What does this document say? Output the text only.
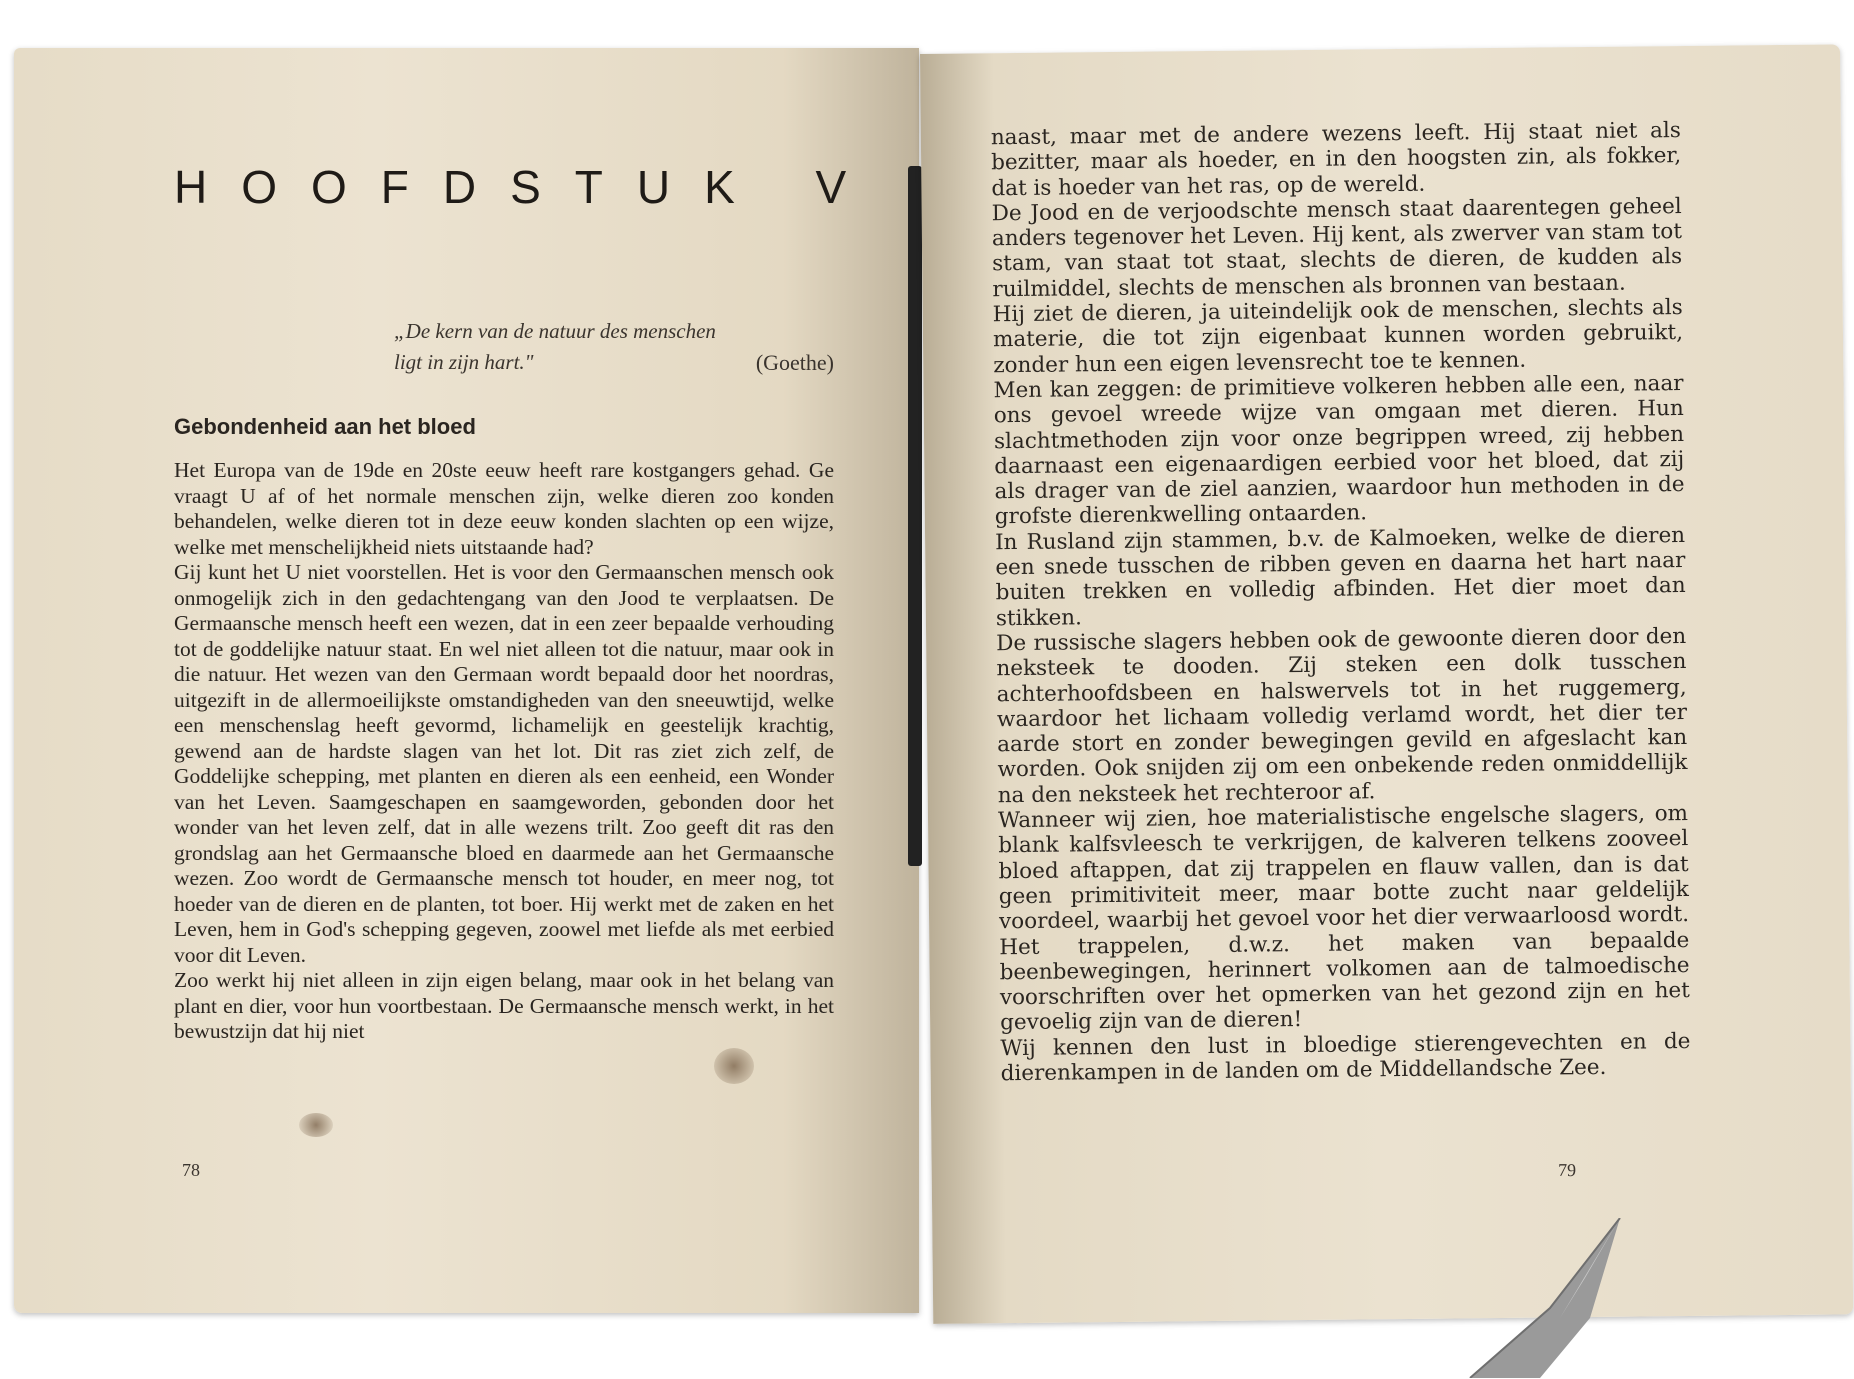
HOOFDSTUK V
„De kern van de natuur des menschen
ligt in zijn hart."	(Goethe)
Gebondenheid aan het bloed

Het Europa van de 19de en 20ste eeuw heeft rare kostgangers gehad. Ge vraagt U af of het normale menschen zijn, welke dieren zoo konden behandelen, welke dieren tot in deze eeuw konden slachten op een wijze, welke met menschelijkheid niets uitstaande had?

Gij kunt het U niet voorstellen. Het is voor den Germaanschen mensch ook onmogelijk zich in den gedachtengang van den Jood te verplaatsen. De Germaansche mensch heeft een wezen, dat in een zeer bepaalde verhouding tot de goddelijke natuur staat. En wel niet alleen tot die natuur, maar ook in die natuur. Het wezen van den Germaan wordt bepaald door het noordras, uitgezift in de allermoeilijkste omstandigheden van den sneeuwtijd, welke een menschenslag heeft gevormd, lichamelijk en geestelijk krachtig, gewend aan de hardste slagen van het lot. Dit ras ziet zich zelf, de Goddelijke schepping, met planten en dieren als een eenheid, een Wonder van het Leven. Saamgeschapen en saamgeworden, gebonden door het wonder van het leven zelf, dat in alle wezens trilt. Zoo geeft dit ras den grondslag aan het Germaansche bloed en daarmede aan het Germaansche wezen. Zoo wordt de Germaansche mensch tot houder, en meer nog, tot hoeder van de dieren en de planten, tot boer. Hij werkt met de zaken en het Leven, hem in God's schepping gegeven, zoowel met liefde als met eerbied voor dit Leven.

Zoo werkt hij niet alleen in zijn eigen belang, maar ook in het belang van plant en dier, voor hun voortbestaan. De Germaansche mensch werkt, in het bewustzijn dat hij niet

78

naast, maar met de andere wezens leeft. Hij staat niet als bezitter, maar als hoeder, en in den hoogsten zin, als fokker, dat is hoeder van het ras, op de wereld.

De Jood en de verjoodschte mensch staat daarentegen geheel anders tegenover het Leven. Hij kent, als zwerver van stam tot stam, van staat tot staat, slechts de dieren, de kudden als ruilmiddel, slechts de menschen als bronnen van bestaan.

Hij ziet de dieren, ja uiteindelijk ook de menschen, slechts als materie, die tot zijn eigenbaat kunnen worden gebruikt, zonder hun een eigen levensrecht toe te kennen.

Men kan zeggen: de primitieve volkeren hebben alle een, naar ons gevoel wreede wijze van omgaan met dieren. Hun slachtmethoden zijn voor onze begrippen wreed, zij hebben daarnaast een eigenaardigen eerbied voor het bloed, dat zij als drager van de ziel aanzien, waardoor hun methoden in de grofste dierenkwelling ontaarden.

In Rusland zijn stammen, b.v. de Kalmoeken, welke de dieren een snede tusschen de ribben geven en daarna het hart naar buiten trekken en volledig afbinden. Het dier moet dan stikken.

De russische slagers hebben ook de gewoonte dieren door den neksteek te dooden. Zij steken een dolk tusschen achterhoofdsbeen en halswervels tot in het ruggemerg, waardoor het lichaam volledig verlamd wordt, het dier ter aarde stort en zonder bewegingen gevild en afgeslacht kan worden. Ook snijden zij om een onbekende reden onmiddellijk na den neksteek het rechteroor af.

Wanneer wij zien, hoe materialistische engelsche slagers, om blank kalfsvleesch te verkrijgen, de kalveren telkens zooveel bloed aftappen, dat zij trappelen en flauw vallen, dan is dat geen primitiviteit meer, maar botte zucht naar geldelijk voordeel, waarbij het gevoel voor het dier verwaarloosd wordt. Het trappelen, d.w.z. het maken van bepaalde beenbewegingen, herinnert volkomen aan de talmoedische voorschriften over het opmerken van het gezond zijn en het gevoelig zijn van de dieren!

Wij kennen den lust in bloedige stierengevechten en de dierenkampen in de landen om de Middellandsche Zee.

79
